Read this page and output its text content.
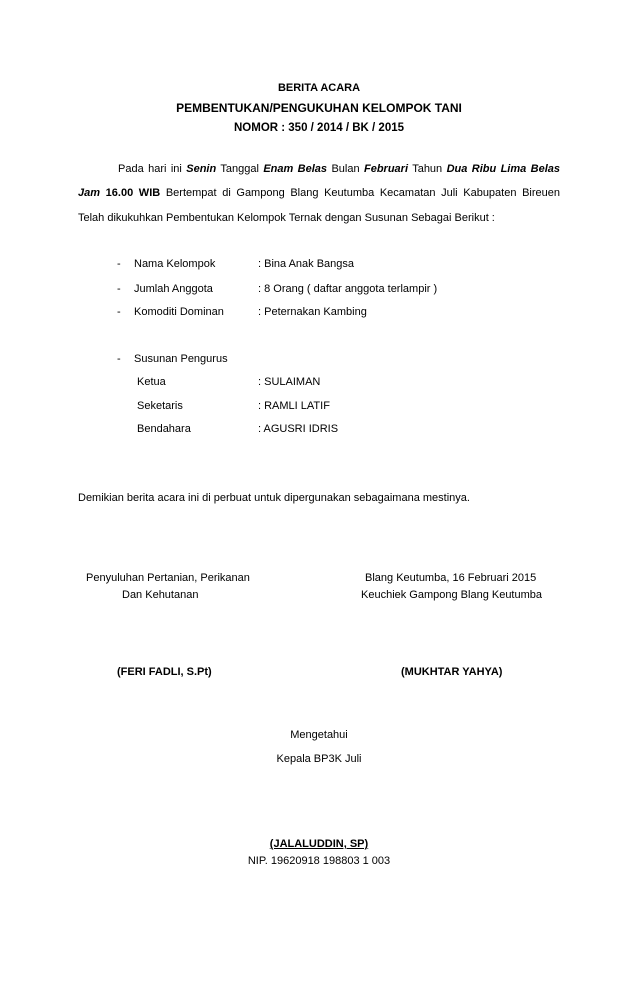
BERITA ACARA
PEMBENTUKAN/PENGUKUHAN KELOMPOK TANI
NOMOR : 350 / 2014 / BK / 2015
Pada hari ini Senin Tanggal Enam Belas Bulan Februari Tahun Dua Ribu Lima Belas
Jam 16.00 WIB Bertempat di Gampong Blang Keutumba Kecamatan Juli Kabupaten Bireuen
Telah dikukuhkan Pembentukan Kelompok Ternak dengan Susunan Sebagai Berikut :
- Nama Kelompok	: Bina Anak Bangsa
- Jumlah Anggota	: 8 Orang ( daftar anggota terlampir )
- Komoditi Dominan	: Peternakan Kambing
- Susunan Pengurus
Ketua	: SULAIMAN
Seketaris	: RAMLI LATIF
Bendahara	: AGUSRI IDRIS
Demikian berita acara ini di perbuat untuk dipergunakan sebagaimana mestinya.
Penyuluhan Pertanian, Perikanan
Dan Kehutanan
Blang Keutumba, 16 Februari 2015
Keuchiek Gampong Blang Keutumba
(FERI FADLI, S.Pt)	(MUKHTAR YAHYA)
Mengetahui
Kepala BP3K Juli
(JALALUDDIN, SP)
NIP. 19620918 198803 1 003
